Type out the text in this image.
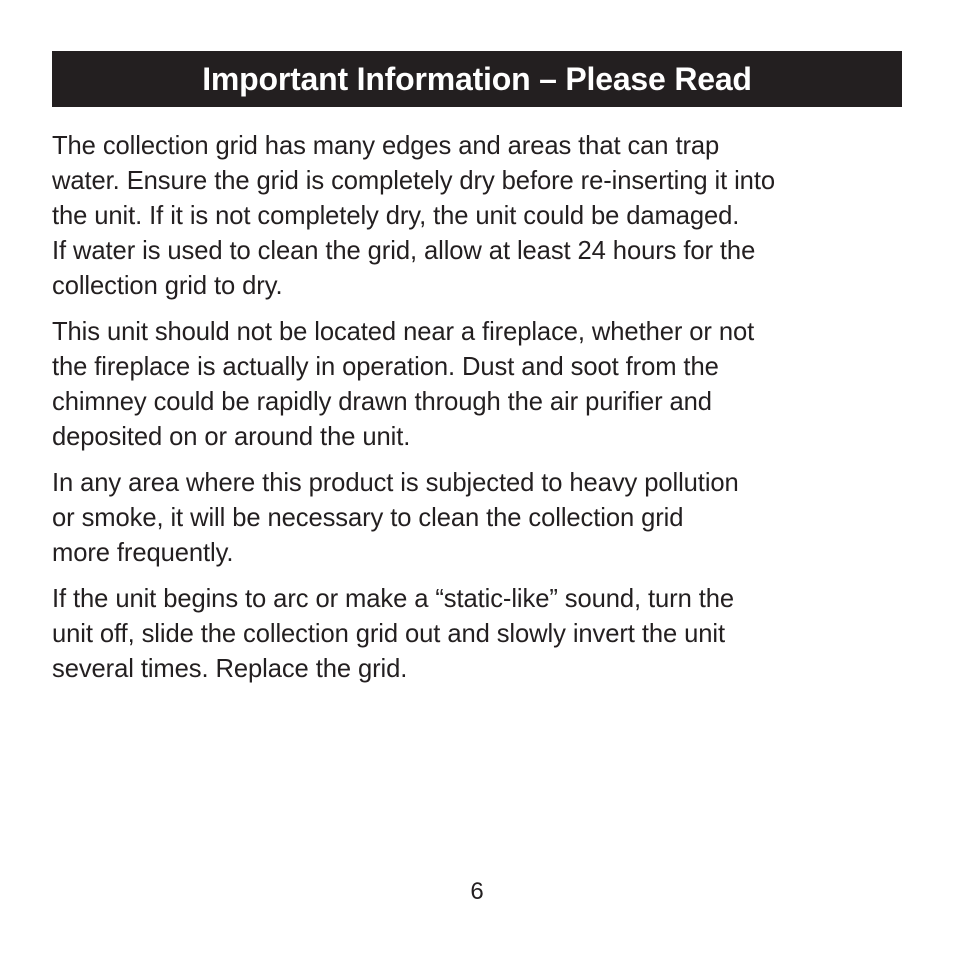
Important Information – Please Read

The collection grid has many edges and areas that can trap
water. Ensure the grid is completely dry before re-inserting it into
the unit. If it is not completely dry, the unit could be damaged.
If water is used to clean the grid, allow at least 24 hours for the
collection grid to dry.

This unit should not be located near a fireplace, whether or not
the fireplace is actually in operation. Dust and soot from the
chimney could be rapidly drawn through the air purifier and
deposited on or around the unit.

In any area where this product is subjected to heavy pollution
or smoke, it will be necessary to clean the collection grid
more frequently.

If the unit begins to arc or make a “static-like” sound, turn the
unit off, slide the collection grid out and slowly invert the unit
several times. Replace the grid.

6
